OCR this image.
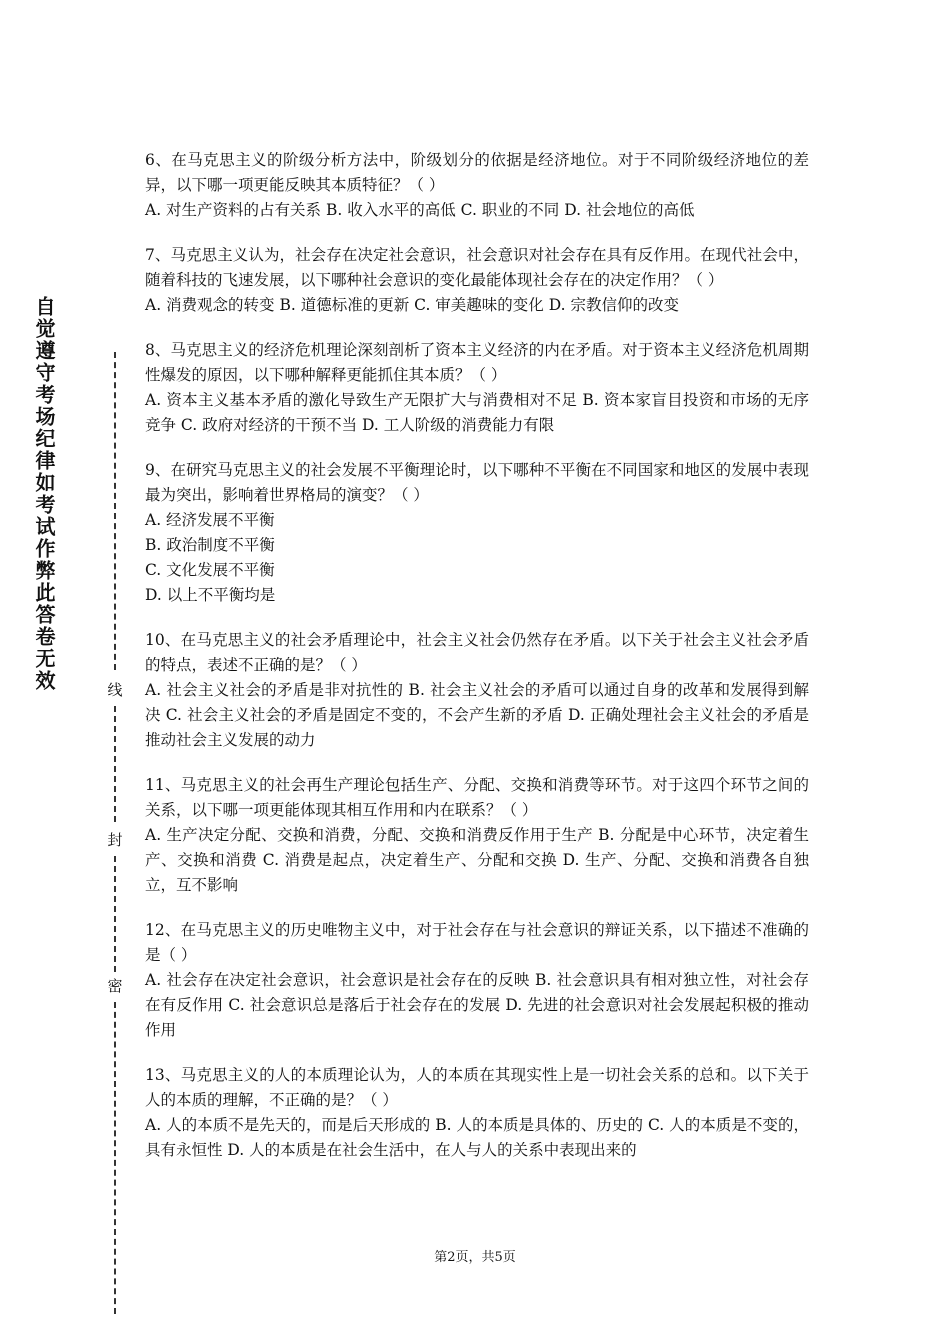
自觉遵守考场纪律如考试作弊此答卷无效	线
封
密
6、在马克思主义的阶级分析方法中，阶级划分的依据是经济地位。对于不同阶级经济地位的差异，以下哪一项更能反映其本质特征？（ ）
A. 对生产资料的占有关系 B. 收入水平的高低 C. 职业的不同 D. 社会地位的高低
7、马克思主义认为，社会存在决定社会意识，社会意识对社会存在具有反作用。在现代社会中，随着科技的飞速发展，以下哪种社会意识的变化最能体现社会存在的决定作用？（ ）
A. 消费观念的转变 B. 道德标准的更新 C. 审美趣味的变化 D. 宗教信仰的改变
8、马克思主义的经济危机理论深刻剖析了资本主义经济的内在矛盾。对于资本主义经济危机周期性爆发的原因，以下哪种解释更能抓住其本质？（ ）
A. 资本主义基本矛盾的激化导致生产无限扩大与消费相对不足 B. 资本家盲目投资和市场的无序竞争 C. 政府对经济的干预不当 D. 工人阶级的消费能力有限
9、在研究马克思主义的社会发展不平衡理论时，以下哪种不平衡在不同国家和地区的发展中表现最为突出，影响着世界格局的演变？（ ）
A. 经济发展不平衡
B. 政治制度不平衡
C. 文化发展不平衡
D. 以上不平衡均是
10、在马克思主义的社会矛盾理论中，社会主义社会仍然存在矛盾。以下关于社会主义社会矛盾的特点，表述不正确的是？（ ）
A. 社会主义社会的矛盾是非对抗性的 B. 社会主义社会的矛盾可以通过自身的改革和发展得到解决 C. 社会主义社会的矛盾是固定不变的，不会产生新的矛盾 D. 正确处理社会主义社会的矛盾是推动社会主义发展的动力
11、马克思主义的社会再生产理论包括生产、分配、交换和消费等环节。对于这四个环节之间的关系，以下哪一项更能体现其相互作用和内在联系？（ ）
A. 生产决定分配、交换和消费，分配、交换和消费反作用于生产 B. 分配是中心环节，决定着生产、交换和消费 C. 消费是起点，决定着生产、分配和交换 D. 生产、分配、交换和消费各自独立，互不影响
12、在马克思主义的历史唯物主义中，对于社会存在与社会意识的辩证关系，以下描述不准确的是（ ）
A. 社会存在决定社会意识，社会意识是社会存在的反映 B. 社会意识具有相对独立性，对社会存在有反作用 C. 社会意识总是落后于社会存在的发展 D. 先进的社会意识对社会发展起积极的推动作用
13、马克思主义的人的本质理论认为，人的本质在其现实性上是一切社会关系的总和。以下关于人的本质的理解，不正确的是？（ ）
A. 人的本质不是先天的，而是后天形成的 B. 人的本质是具体的、历史的 C. 人的本质是不变的，具有永恒性 D. 人的本质是在社会生活中，在人与人的关系中表现出来的
第2页，共5页
